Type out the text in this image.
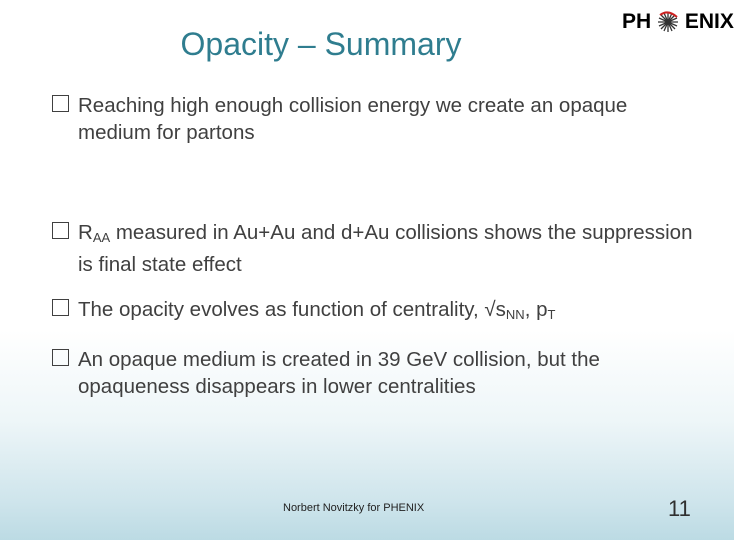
Opacity – Summary
PH ENIX
Reaching high enough collision energy we create an opaque medium for partons
$R_{AA}$ measured in Au+Au and d+Au collisions shows the suppression is final state effect
The opacity evolves as function of centrality, $√s_{NN}$, $p_T$
An opaque medium is created in 39 GeV collision, but the opaqueness disappears in lower centralities
Norbert Novitzky for PHENIX	11
